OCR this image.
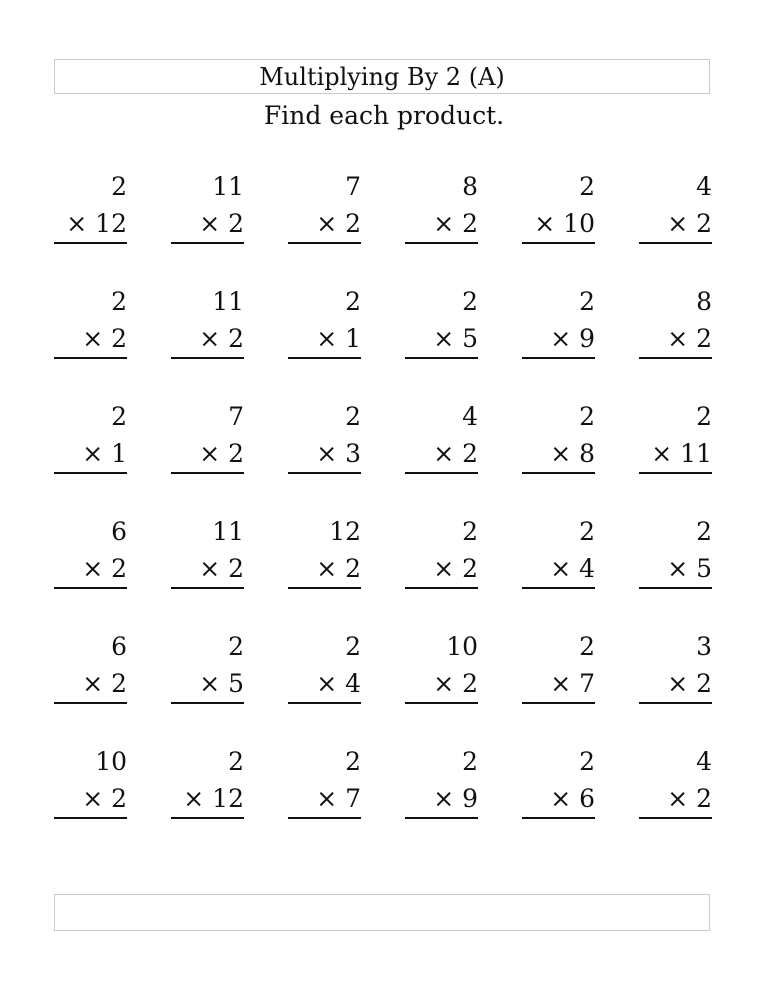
Multiplying By 2 (A)
Find each product.
2
× 12
11
× 2
7
× 2
8
× 2
2
× 10
4
× 2
2
× 2
11
× 2
2
× 1
2
× 5
2
× 9
8
× 2
2
× 1
7
× 2
2
× 3
4
× 2
2
× 8
2
× 11
6
× 2
11
× 2
12
× 2
2
× 2
2
× 4
2
× 5
6
× 2
2
× 5
2
× 4
10
× 2
2
× 7
3
× 2
10
× 2
2
× 12
2
× 7
2
× 9
2
× 6
4
× 2
